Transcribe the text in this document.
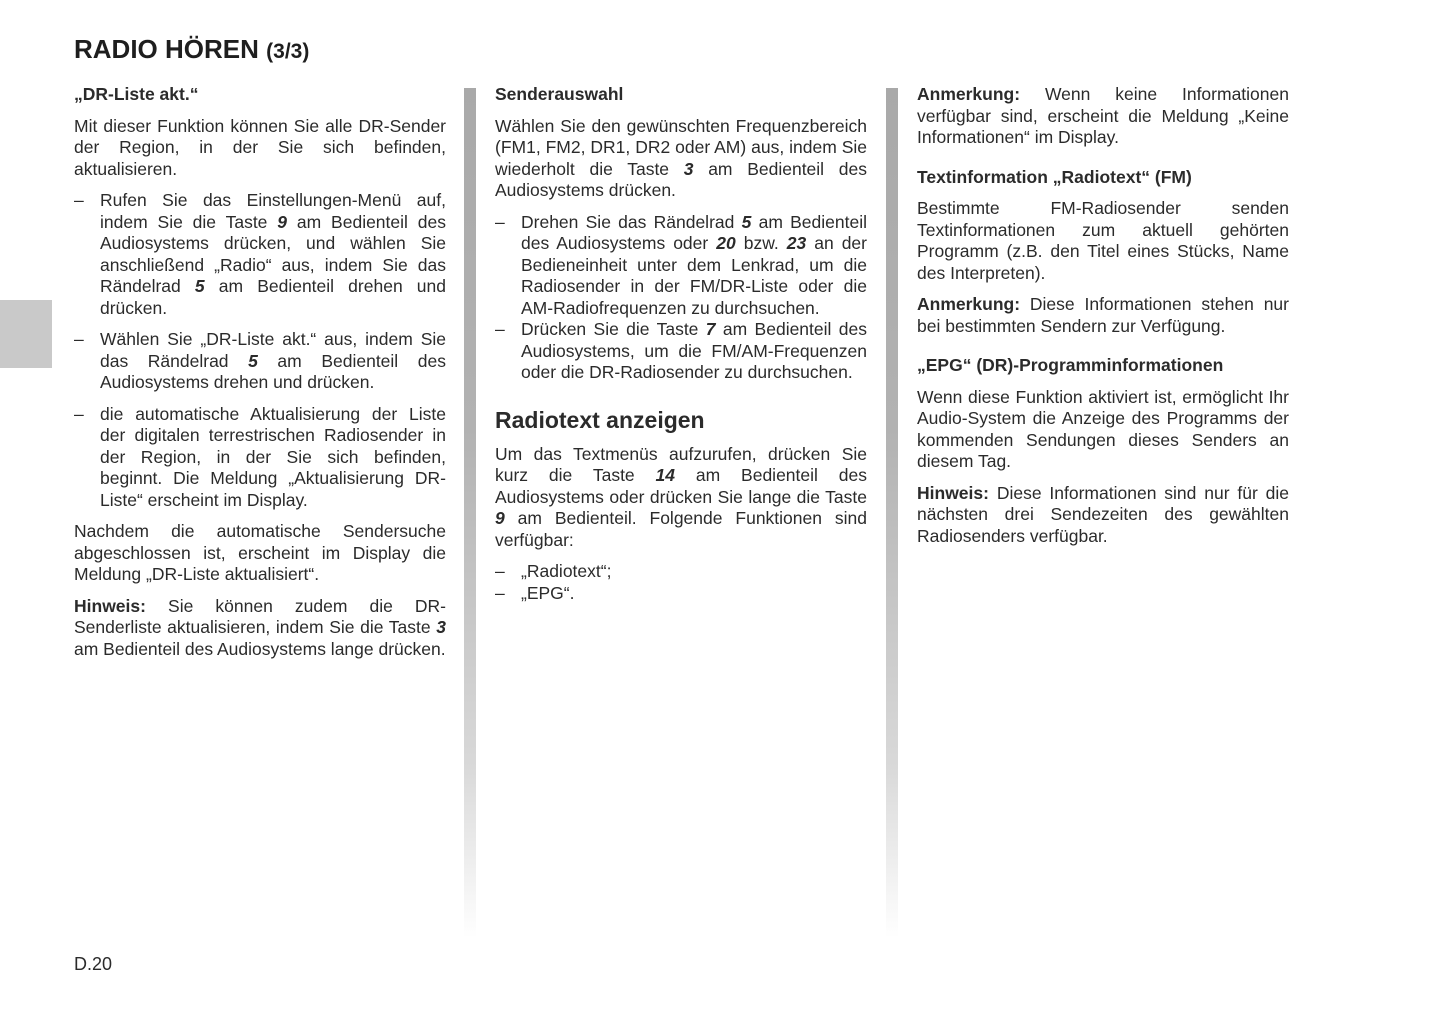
RADIO HÖREN (3/3)

„DR-Liste akt.“

Mit dieser Funktion können Sie alle DR-Sender der Region, in der Sie sich befinden, aktualisieren.

– Rufen Sie das Einstellungen-Menü auf, indem Sie die Taste 9 am Bedienteil des Audiosystems drücken, und wählen Sie anschließend „Radio“ aus, indem Sie das Rändelrad 5 am Bedienteil drehen und drücken.
– Wählen Sie „DR-Liste akt.“ aus, indem Sie das Rändelrad 5 am Bedienteil des Audiosystems drehen und drücken.
– die automatische Aktualisierung der Liste der digitalen terrestrischen Radiosender in der Region, in der Sie sich befinden, beginnt. Die Meldung „Aktualisierung DR-Liste“ erscheint im Display.

Nachdem die automatische Sendersuche abgeschlossen ist, erscheint im Display die Meldung „DR-Liste aktualisiert“.

Hinweis: Sie können zudem die DR-Senderliste aktualisieren, indem Sie die Taste 3 am Bedienteil des Audiosystems lange drücken.

Senderauswahl

Wählen Sie den gewünschten Frequenzbereich (FM1, FM2, DR1, DR2 oder AM) aus, indem Sie wiederholt die Taste 3 am Bedienteil des Audiosystems drücken.

– Drehen Sie das Rändelrad 5 am Bedienteil des Audiosystems oder 20 bzw. 23 an der Bedieneinheit unter dem Lenkrad, um die Radiosender in der FM/DR-Liste oder die AM-Radiofrequenzen zu durchsuchen.
– Drücken Sie die Taste 7 am Bedienteil des Audiosystems, um die FM/AM-Frequenzen oder die DR-Radiosender zu durchsuchen.
Radiotext anzeigen

Um das Textmenüs aufzurufen, drücken Sie kurz die Taste 14 am Bedienteil des Audiosystems oder drücken Sie lange die Taste 9 am Bedienteil. Folgende Funktionen sind verfügbar:

– „Radiotext“;
– „EPG“.

Anmerkung: Wenn keine Informationen verfügbar sind, erscheint die Meldung „Keine Informationen“ im Display.

Textinformation „Radiotext“ (FM)

Bestimmte FM-Radiosender senden Textinformationen zum aktuell gehörten Programm (z.B. den Titel eines Stücks, Name des Interpreten).

Anmerkung: Diese Informationen stehen nur bei bestimmten Sendern zur Verfügung.

„EPG“ (DR)-Programminformationen

Wenn diese Funktion aktiviert ist, ermöglicht Ihr Audio-System die Anzeige des Programms der kommenden Sendungen dieses Senders an diesem Tag.

Hinweis: Diese Informationen sind nur für die nächsten drei Sendezeiten des gewählten Radiosenders verfügbar.

D.20
